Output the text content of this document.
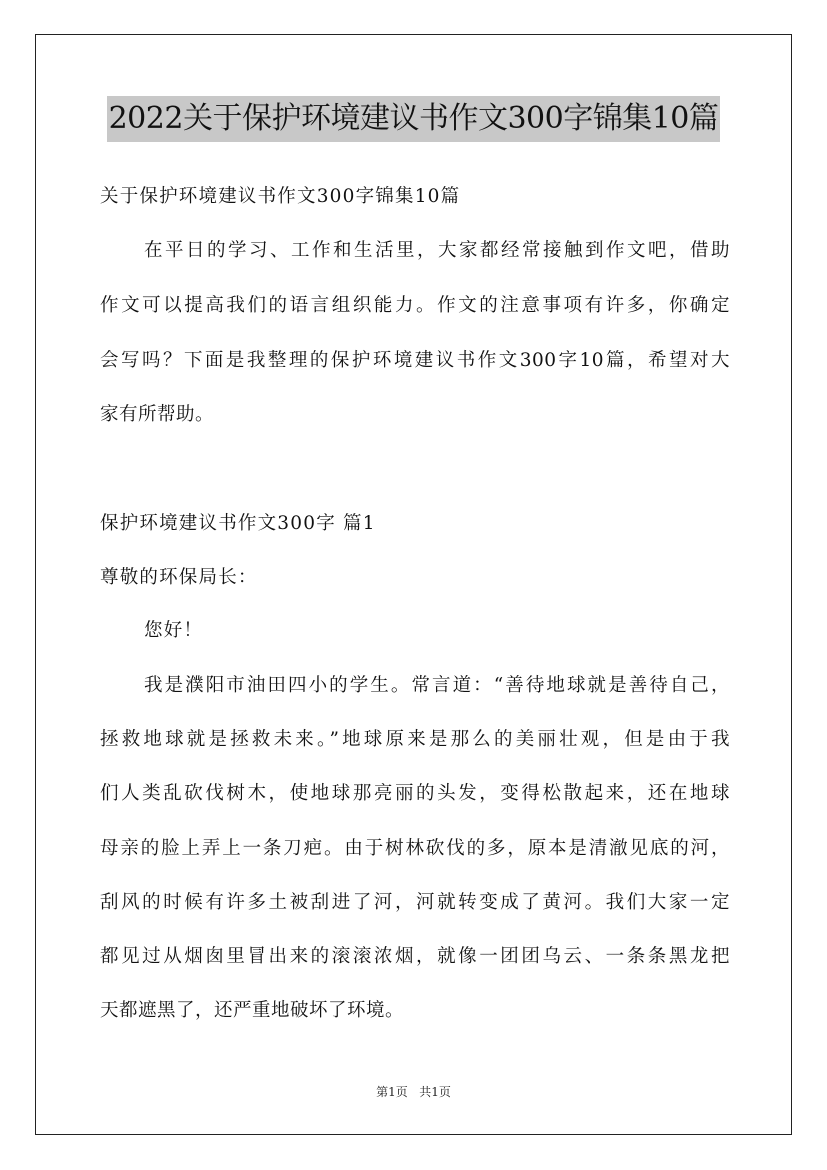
2022关于保护环境建议书作文300字锦集10篇
关于保护环境建议书作文300字锦集10篇
在平日的学习、工作和生活里，大家都经常接触到作文吧，借助
作文可以提高我们的语言组织能力。作文的注意事项有许多，你确定
会写吗？下面是我整理的保护环境建议书作文300字10篇，希望对大
家有所帮助。
保护环境建议书作文300字 篇1
尊敬的环保局长：
您好！
我是濮阳市油田四小的学生。常言道：“善待地球就是善待自己，
拯救地球就是拯救未来。”地球原来是那么的美丽壮观，但是由于我
们人类乱砍伐树木，使地球那亮丽的头发，变得松散起来，还在地球
母亲的脸上弄上一条刀疤。由于树林砍伐的多，原本是清澈见底的河，
刮风的时候有许多土被刮进了河，河就转变成了黄河。我们大家一定
都见过从烟囱里冒出来的滚滚浓烟，就像一团团乌云、一条条黑龙把
天都遮黑了，还严重地破坏了环境。
第1页 共1页
